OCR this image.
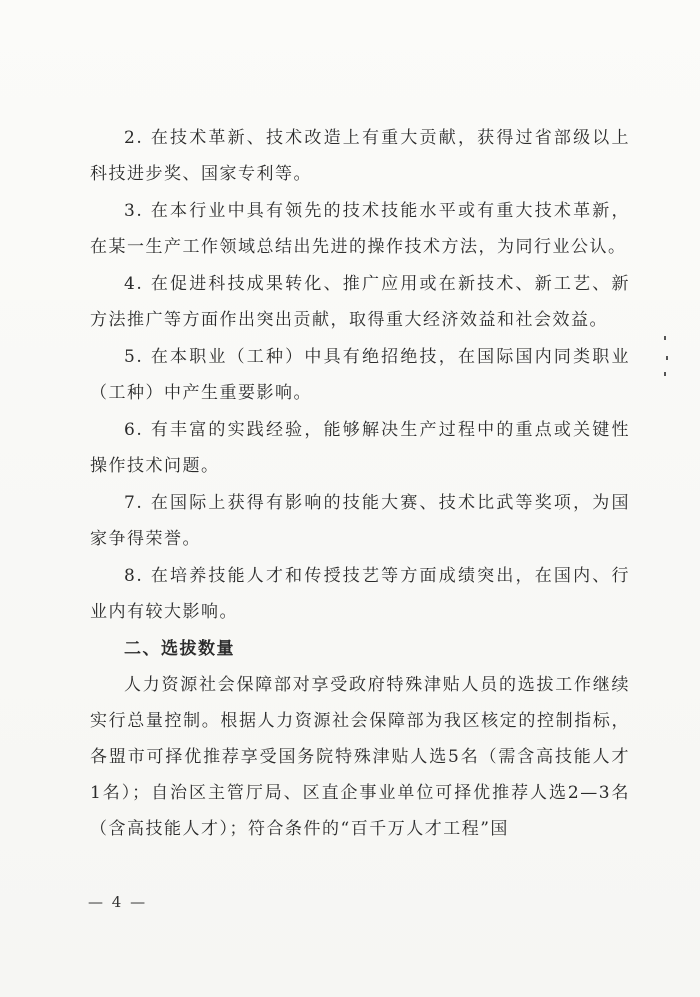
2. 在技术革新、技术改造上有重大贡献，获得过省部级以上科技进步奖、国家专利等。

3. 在本行业中具有领先的技术技能水平或有重大技术革新，在某一生产工作领域总结出先进的操作技术方法，为同行业公认。

4. 在促进科技成果转化、推广应用或在新技术、新工艺、新方法推广等方面作出突出贡献，取得重大经济效益和社会效益。

5. 在本职业（工种）中具有绝招绝技，在国际国内同类职业（工种）中产生重要影响。

6. 有丰富的实践经验，能够解决生产过程中的重点或关键性操作技术问题。

7. 在国际上获得有影响的技能大赛、技术比武等奖项，为国家争得荣誉。

8. 在培养技能人才和传授技艺等方面成绩突出，在国内、行业内有较大影响。

二、选拔数量

人力资源社会保障部对享受政府特殊津贴人员的选拔工作继续实行总量控制。根据人力资源社会保障部为我区核定的控制指标，各盟市可择优推荐享受国务院特殊津贴人选5名（需含高技能人才1名）；自治区主管厅局、区直企事业单位可择优推荐人选2—3名（含高技能人才）；符合条件的“百千万人才工程”国

— 4 —
